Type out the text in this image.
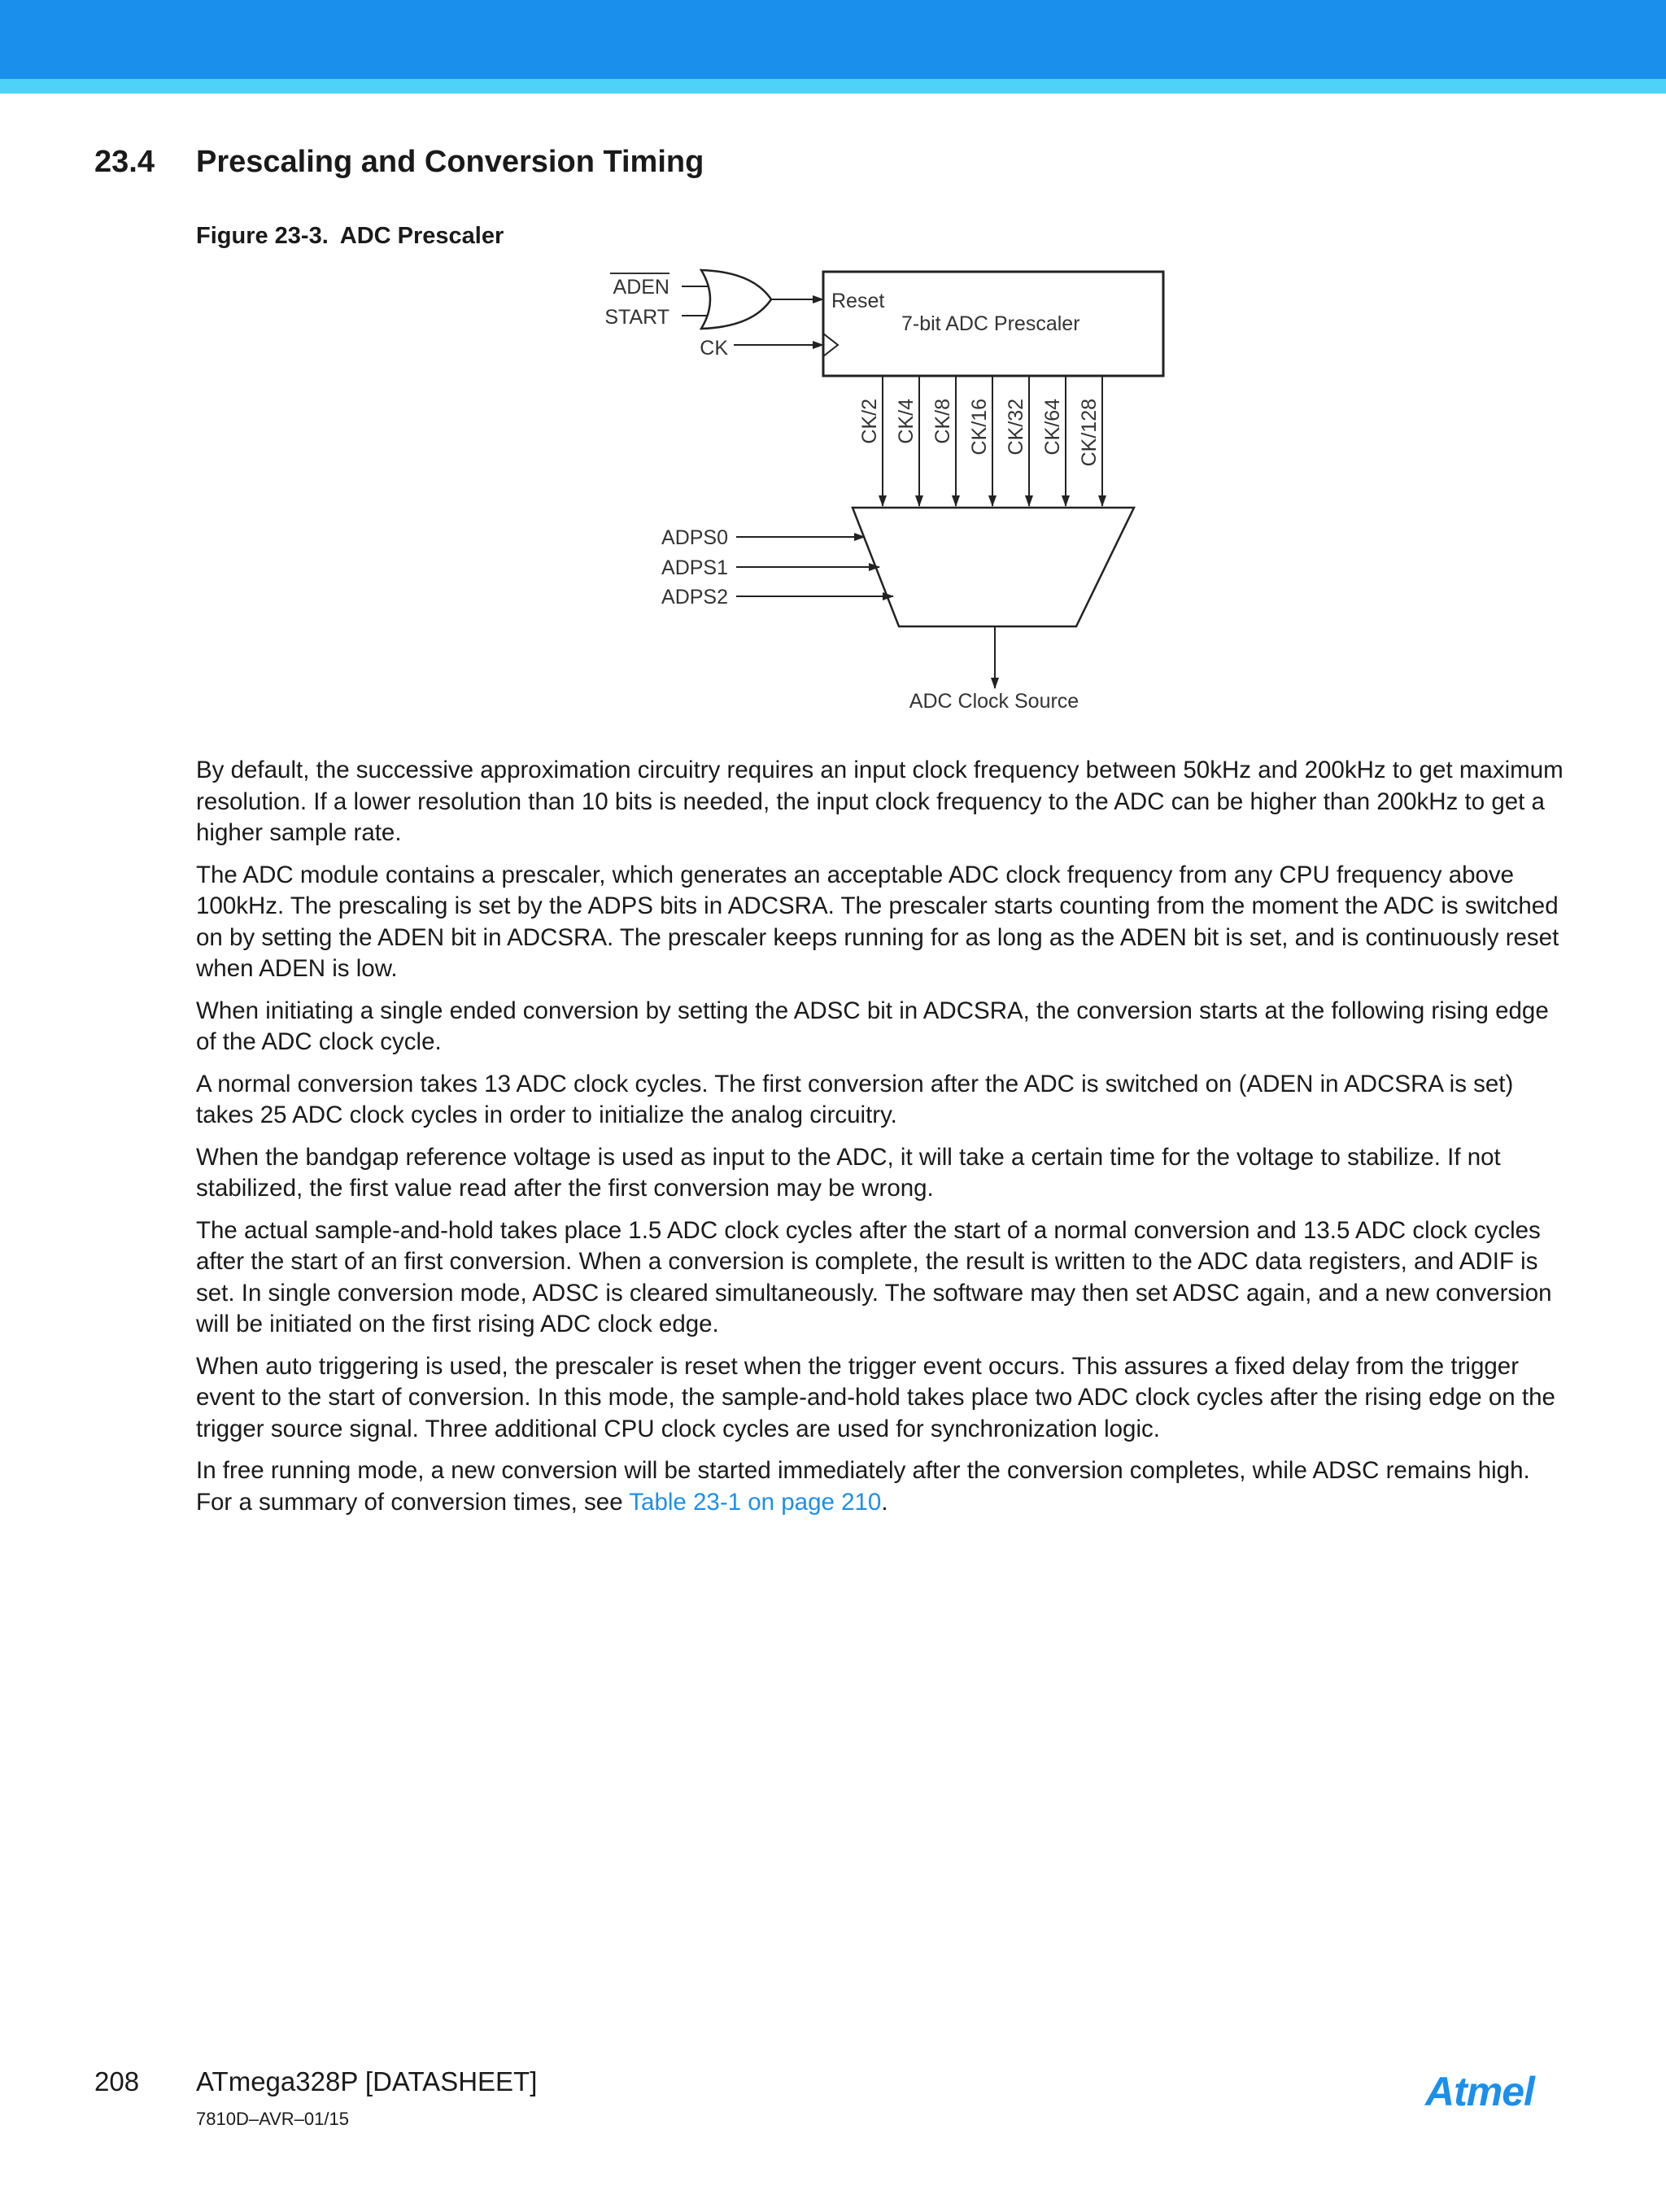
23.4	Prescaling and Conversion Timing
Figure 23-3. ADC Prescaler
ADEN
START
CK
Reset
7-bit ADC Prescaler
CK/2 CK/4 CK/8 CK/16 CK/32 CK/64 CK/128
ADPS0
ADPS1
ADPS2
ADC Clock Source

By default, the successive approximation circuitry requires an input clock frequency between 50kHz and 200kHz to get maximum resolution. If a lower resolution than 10 bits is needed, the input clock frequency to the ADC can be higher than 200kHz to get a higher sample rate.

The ADC module contains a prescaler, which generates an acceptable ADC clock frequency from any CPU frequency above 100kHz. The prescaling is set by the ADPS bits in ADCSRA. The prescaler starts counting from the moment the ADC is switched on by setting the ADEN bit in ADCSRA. The prescaler keeps running for as long as the ADEN bit is set, and is continuously reset when ADEN is low.

When initiating a single ended conversion by setting the ADSC bit in ADCSRA, the conversion starts at the following rising edge of the ADC clock cycle.

A normal conversion takes 13 ADC clock cycles. The first conversion after the ADC is switched on (ADEN in ADCSRA is set) takes 25 ADC clock cycles in order to initialize the analog circuitry.

When the bandgap reference voltage is used as input to the ADC, it will take a certain time for the voltage to stabilize. If not stabilized, the first value read after the first conversion may be wrong.

The actual sample-and-hold takes place 1.5 ADC clock cycles after the start of a normal conversion and 13.5 ADC clock cycles after the start of an first conversion. When a conversion is complete, the result is written to the ADC data registers, and ADIF is set. In single conversion mode, ADSC is cleared simultaneously. The software may then set ADSC again, and a new conversion will be initiated on the first rising ADC clock edge.

When auto triggering is used, the prescaler is reset when the trigger event occurs. This assures a fixed delay from the trigger event to the start of conversion. In this mode, the sample-and-hold takes place two ADC clock cycles after the rising edge on the trigger source signal. Three additional CPU clock cycles are used for synchronization logic.

In free running mode, a new conversion will be started immediately after the conversion completes, while ADSC remains high. For a summary of conversion times, see Table 23-1 on page 210.

208 ATmega328P [DATASHEET]
7810D–AVR–01/15
Atmel
